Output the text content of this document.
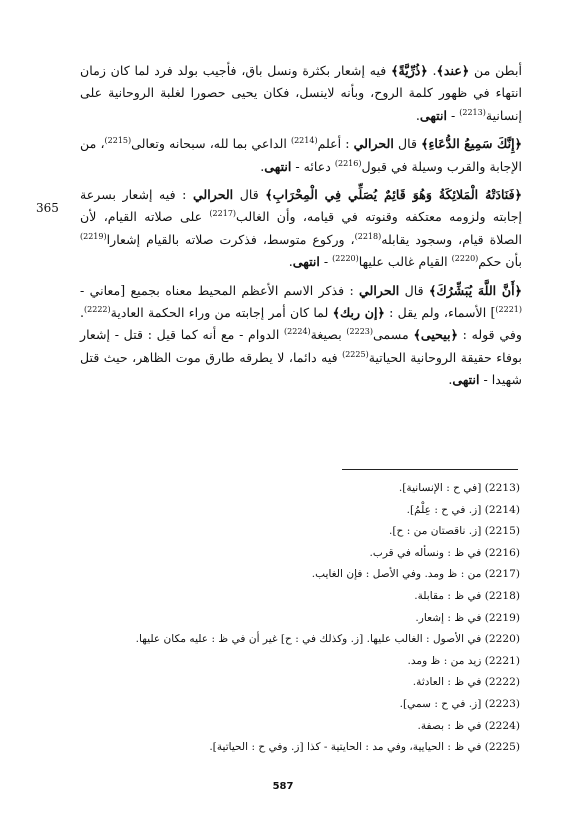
أبطن من ﴿عند﴾. ﴿ذُرِّيَّةً﴾ فيه إشعار بكثرة ونسل باق، فأجيب بولد فرد لما كان زمان انتهاء في ظهور كلمة الروح، وبأنه لاينسل، فكان يحيى حصورا لغلبة الروحانية على إنسانية$^{(2213)}$ - انتهى.

﴿إِنَّكَ سَمِيعُ الدُّعَاءِ﴾ قال الحرالي : أعلم$^{(2214)}$ الداعي بما لله، سبحانه وتعالى$^{(2215)}$، من الإجابة والقرب وسيلة في قبول$^{(2216)}$ دعائه - انتهى.

﴿فَنَادَتْهُ الْمَلائِكَةُ وَهُوَ قَائِمٌ يُصَلِّي فِي الْمِحْرَابِ﴾ قال الحرالي : فيه إشعار بسرعة إجابته ولزومه معتكفه وقنوته في قيامه، وأن الغالب$^{(2217)}$ على صلاته القيام، لأن الصلاة قيام، وسجود يقابله$^{(2218)}$، وركوع متوسط، فذكرت صلاته بالقيام إشعارا$^{(2219)}$ بأن حكم$^{(2220)}$ القيام غالب عليها$^{(2220)}$ - انتهى.

﴿أَنَّ اللَّهَ يُبَشِّرُكَ﴾ قال الحرالي : فذكر الاسم الأعظم المحيط معناه بجميع [معاني - $^{(2221)}$] الأسماء، ولم يقل : ﴿إن ربك﴾ لما كان أمر إجابته من وراء الحكمة العادية$^{(2222)}$. وفي قوله : ﴿بيحيى﴾ مسمى$^{(2223)}$ بصيغة$^{(2224)}$ الدوام - مع أنه كما قيل : قتل - إشعار بوفاء حقيقة الروحانية الحياتية$^{(2225)}$ فيه دائما، لا يطرقه طارق موت الظاهر، حيث قتل شهيدا - انتهى.

365
(2213) [في ح : الإنسانية].
(2214) [ز. في ح : عِلْمُ].
(2215) [ز. ناقصتان من : ح].
(2216) في ظ : ونسأله في قرب.
(2217) من : ظ ومد. وفي الأصل : فإن الغايب.
(2218) في ظ : مقابلة.
(2219) في ظ : إشعار.
(2220) في الأصول : الغالب عليها. [ز. وكذلك في : ح] غير أن في ظ : عليه مكان عليها.
(2221) زيد من : ظ ومد.
(2222) في ظ : العادثة.
(2223) [ز. في ح : سمي].
(2224) في ظ : بصفة.
(2225) في ظ : الحيايية، وفي مد : الحايتية - كذا [ز. وفي ح : الحياتية].
587
